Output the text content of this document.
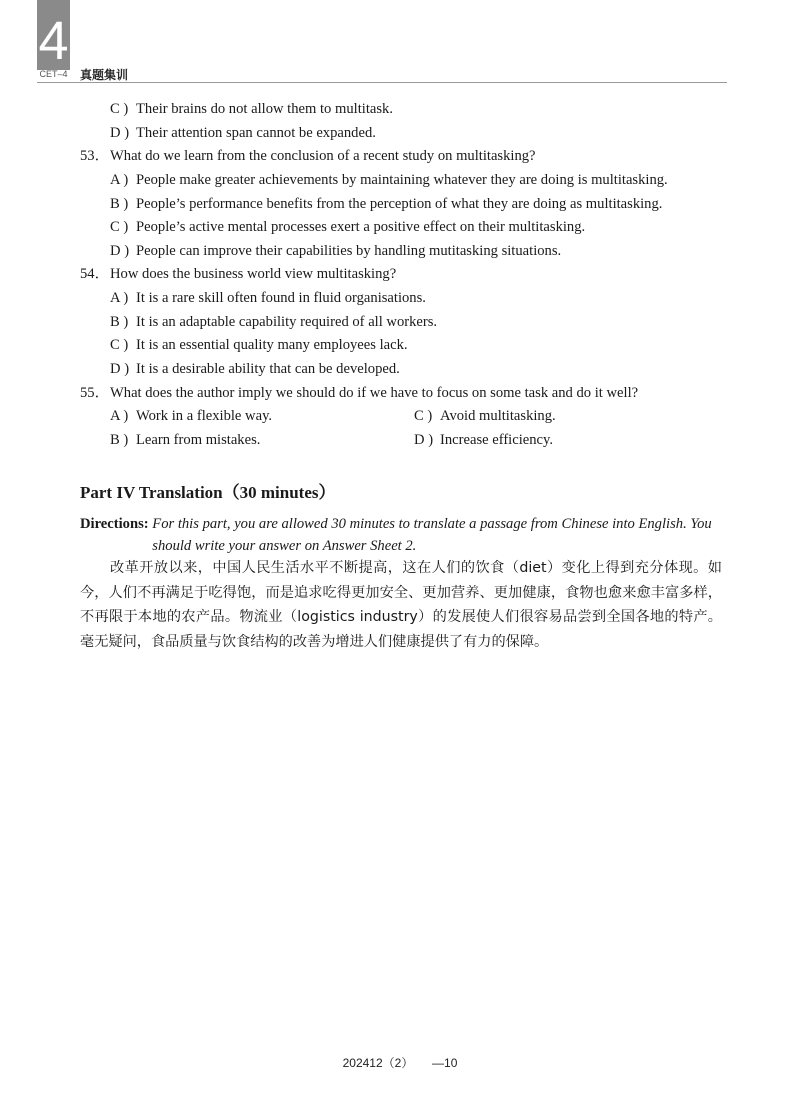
4
CET–4 真题集训
C ) Their brains do not allow them to multitask.
D ) Their attention span cannot be expanded.
53．What do we learn from the conclusion of a recent study on multitasking?
A ) People make greater achievements by maintaining whatever they are doing is multitasking.
B ) People’s performance benefits from the perception of what they are doing as multitasking.
C ) People’s active mental processes exert a positive effect on their multitasking.
D ) People can improve their capabilities by handling mutitasking situations.
54．How does the business world view multitasking?
A ) It is a rare skill often found in fluid organisations.
B ) It is an adaptable capability required of all workers.
C ) It is an essential quality many employees lack.
D ) It is a desirable ability that can be developed.
55．What does the author imply we should do if we have to focus on some task and do it well?
A ) Work in a flexible way.	C ) Avoid multitasking.
B ) Learn from mistakes.	D ) Increase efficiency.
Part IV Translation（30 minutes）
Directions: For this part, you are allowed 30 minutes to translate a passage from Chinese into English. You should write your answer on Answer Sheet 2.
改革开放以来，中国人民生活水平不断提高，这在人们的饮食（diet）变化上得到充分体现。如今，人们不再满足于吃得饱，而是追求吃得更加安全、更加营养、更加健康，食物也愈来愈丰富多样，不再限于本地的农产品。物流业（logistics industry）的发展使人们很容易品尝到全国各地的特产。毫无疑问，食品质量与饮食结构的改善为增进人们健康提供了有力的保障。
202412（2） —10
